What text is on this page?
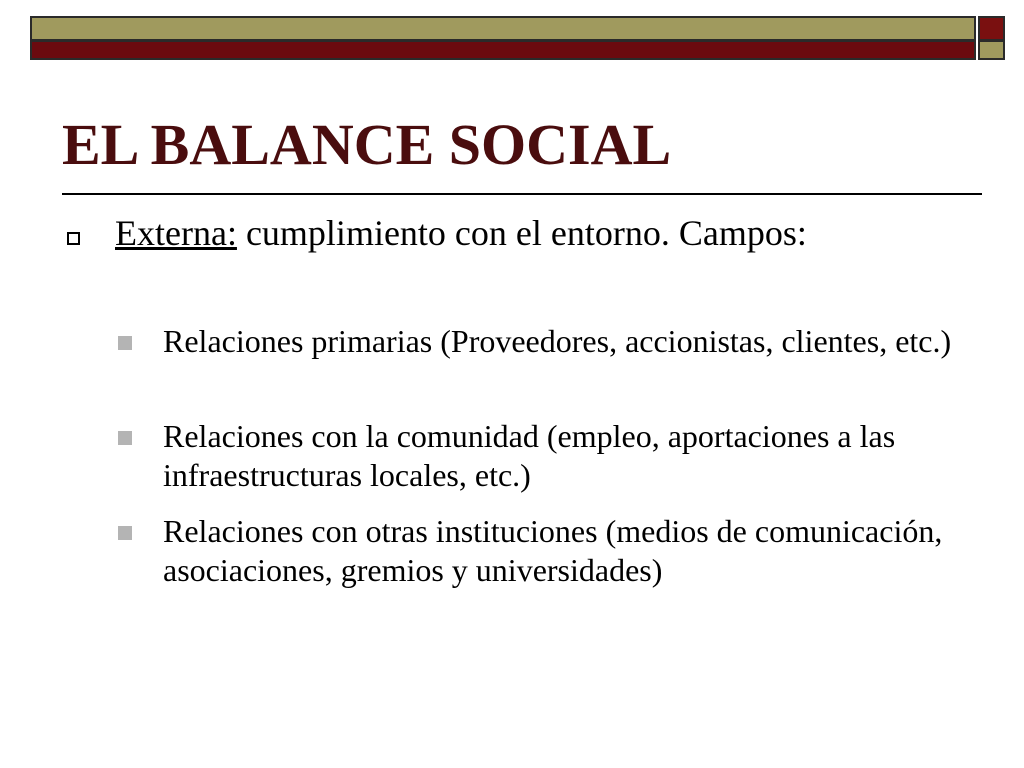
EL BALANCE SOCIAL
Externa: cumplimiento con el entorno. Campos:
Relaciones primarias (Proveedores, accionistas, clientes, etc.)
Relaciones con la comunidad (empleo, aportaciones a las infraestructuras locales, etc.)
Relaciones con otras instituciones (medios de comunicación, asociaciones, gremios y universidades)
